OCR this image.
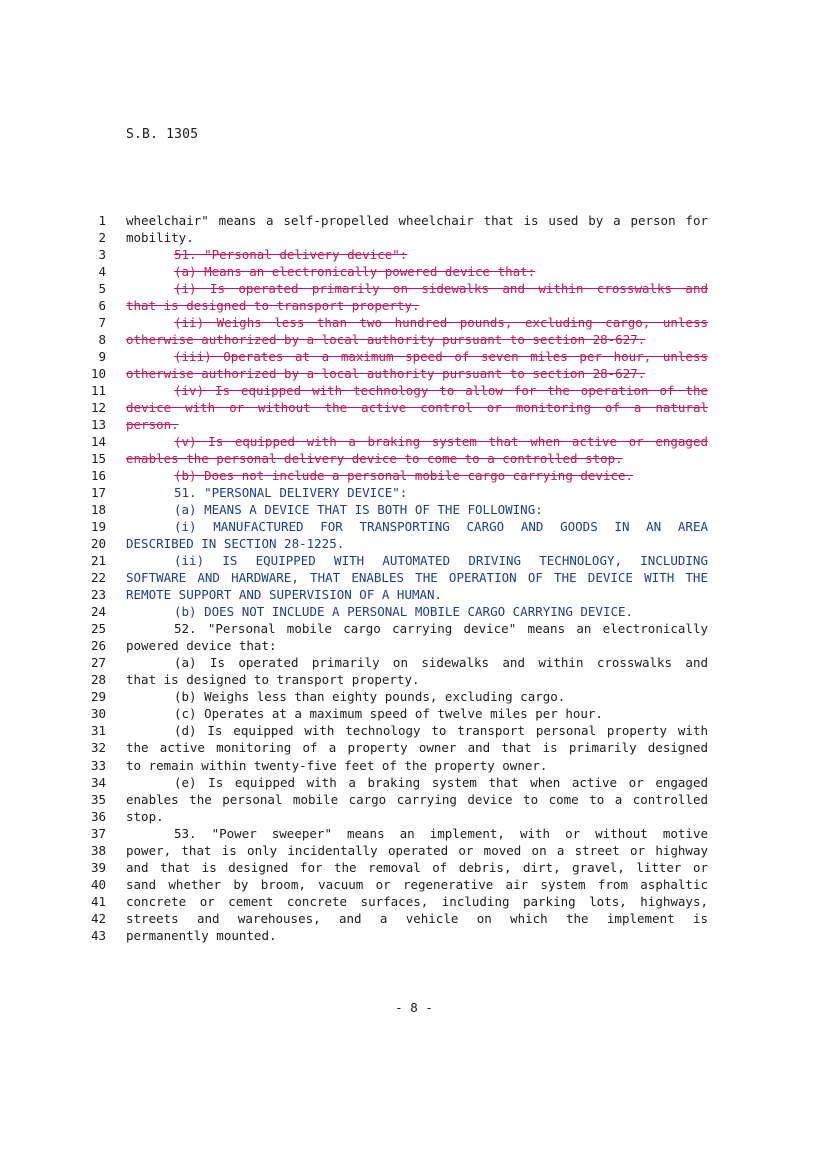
S.B. 1305
1 wheelchair" means a self-propelled wheelchair that is used by a person for
2 mobility.
3	51. "Personal delivery device":
4	(a) Means an electronically powered device that:
5	(i) Is operated primarily on sidewalks and within crosswalks and
6 that is designed to transport property.
7	(ii) Weighs less than two hundred pounds, excluding cargo, unless
8 otherwise authorized by a local authority pursuant to section 28-627.
9	(iii) Operates at a maximum speed of seven miles per hour, unless
10 otherwise authorized by a local authority pursuant to section 28-627.
11	(iv) Is equipped with technology to allow for the operation of the
12 device with or without the active control or monitoring of a natural
13 person.
14	(v) Is equipped with a braking system that when active or engaged
15 enables the personal delivery device to come to a controlled stop.
16	(b) Does not include a personal mobile cargo carrying device.
17	51. "PERSONAL DELIVERY DEVICE":
18	(a) MEANS A DEVICE THAT IS BOTH OF THE FOLLOWING:
19	(i) MANUFACTURED FOR TRANSPORTING CARGO AND GOODS IN AN AREA
20 DESCRIBED IN SECTION 28-1225.
21	(ii) IS EQUIPPED WITH AUTOMATED DRIVING TECHNOLOGY, INCLUDING
22 SOFTWARE AND HARDWARE, THAT ENABLES THE OPERATION OF THE DEVICE WITH THE
23 REMOTE SUPPORT AND SUPERVISION OF A HUMAN.
24	(b) DOES NOT INCLUDE A PERSONAL MOBILE CARGO CARRYING DEVICE.
25	52. "Personal mobile cargo carrying device" means an electronically
26 powered device that:
27	(a) Is operated primarily on sidewalks and within crosswalks and
28 that is designed to transport property.
29	(b) Weighs less than eighty pounds, excluding cargo.
30	(c) Operates at a maximum speed of twelve miles per hour.
31	(d) Is equipped with technology to transport personal property with
32 the active monitoring of a property owner and that is primarily designed
33 to remain within twenty-five feet of the property owner.
34	(e) Is equipped with a braking system that when active or engaged
35 enables the personal mobile cargo carrying device to come to a controlled
36 stop.
37	53. "Power sweeper" means an implement, with or without motive
38 power, that is only incidentally operated or moved on a street or highway
39 and that is designed for the removal of debris, dirt, gravel, litter or
40 sand whether by broom, vacuum or regenerative air system from asphaltic
41 concrete or cement concrete surfaces, including parking lots, highways,
42 streets and warehouses, and a vehicle on which the implement is
43 permanently mounted.
- 8 -
